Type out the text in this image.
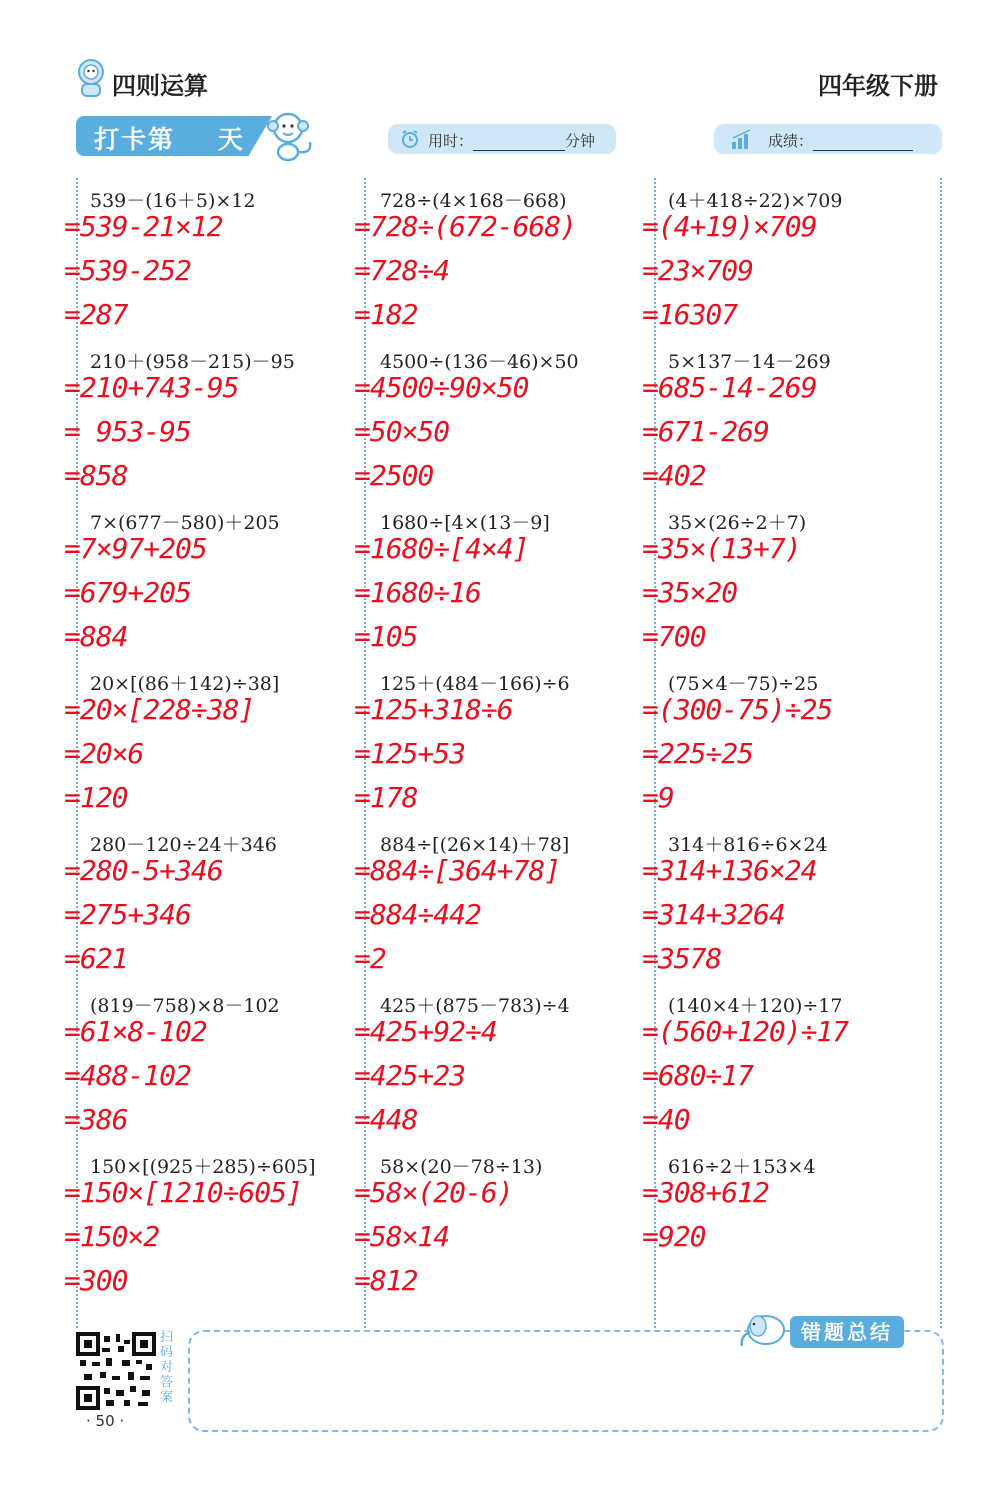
四则运算	四年级下册
打卡第    天	用时：	分钟	成绩：
539－(16＋5)×12
=539-21×12
=539-252
=287
210＋(958－215)－95
=210+743-95
= 953-95
=858
7×(677－580)＋205
=7×97+205
=679+205
=884
20×[(86＋142)÷38]
=20×[228÷38]
=20×6
=120
280－120÷24＋346
=280-5+346
=275+346
=621
(819－758)×8－102
=61×8-102
=488-102
=386
150×[(925＋285)÷605]
=150×[1210÷605]
=150×2
=300
728÷(4×168－668)
=728÷(672-668)
=728÷4
=182
4500÷(136－46)×50
=4500÷90×50
=50×50
=2500
1680÷[4×(13－9]
=1680÷[4×4]
=1680÷16
=105
125＋(484－166)÷6
=125+318÷6
=125+53
=178
884÷[(26×14)＋78]
=884÷[364+78]
=884÷442
=2
425＋(875－783)÷4
=425+92÷4
=425+23
=448
58×(20－78÷13)
=58×(20-6)
=58×14
=812
(4＋418÷22)×709
=(4+19)×709
=23×709
=16307
5×137－14－269
=685-14-269
=671-269
=402
35×(26÷2＋7)
=35×(13+7)
=35×20
=700
(75×4－75)÷25
=(300-75)÷25
=225÷25
=9
314＋816÷6×24
=314+136×24
=314+3264
=3578
(140×4＋120)÷17
=(560+120)÷17
=680÷17
=40
616÷2＋153×4
=308+612
=920
错题总结
扫码对答案
· 50 ·
